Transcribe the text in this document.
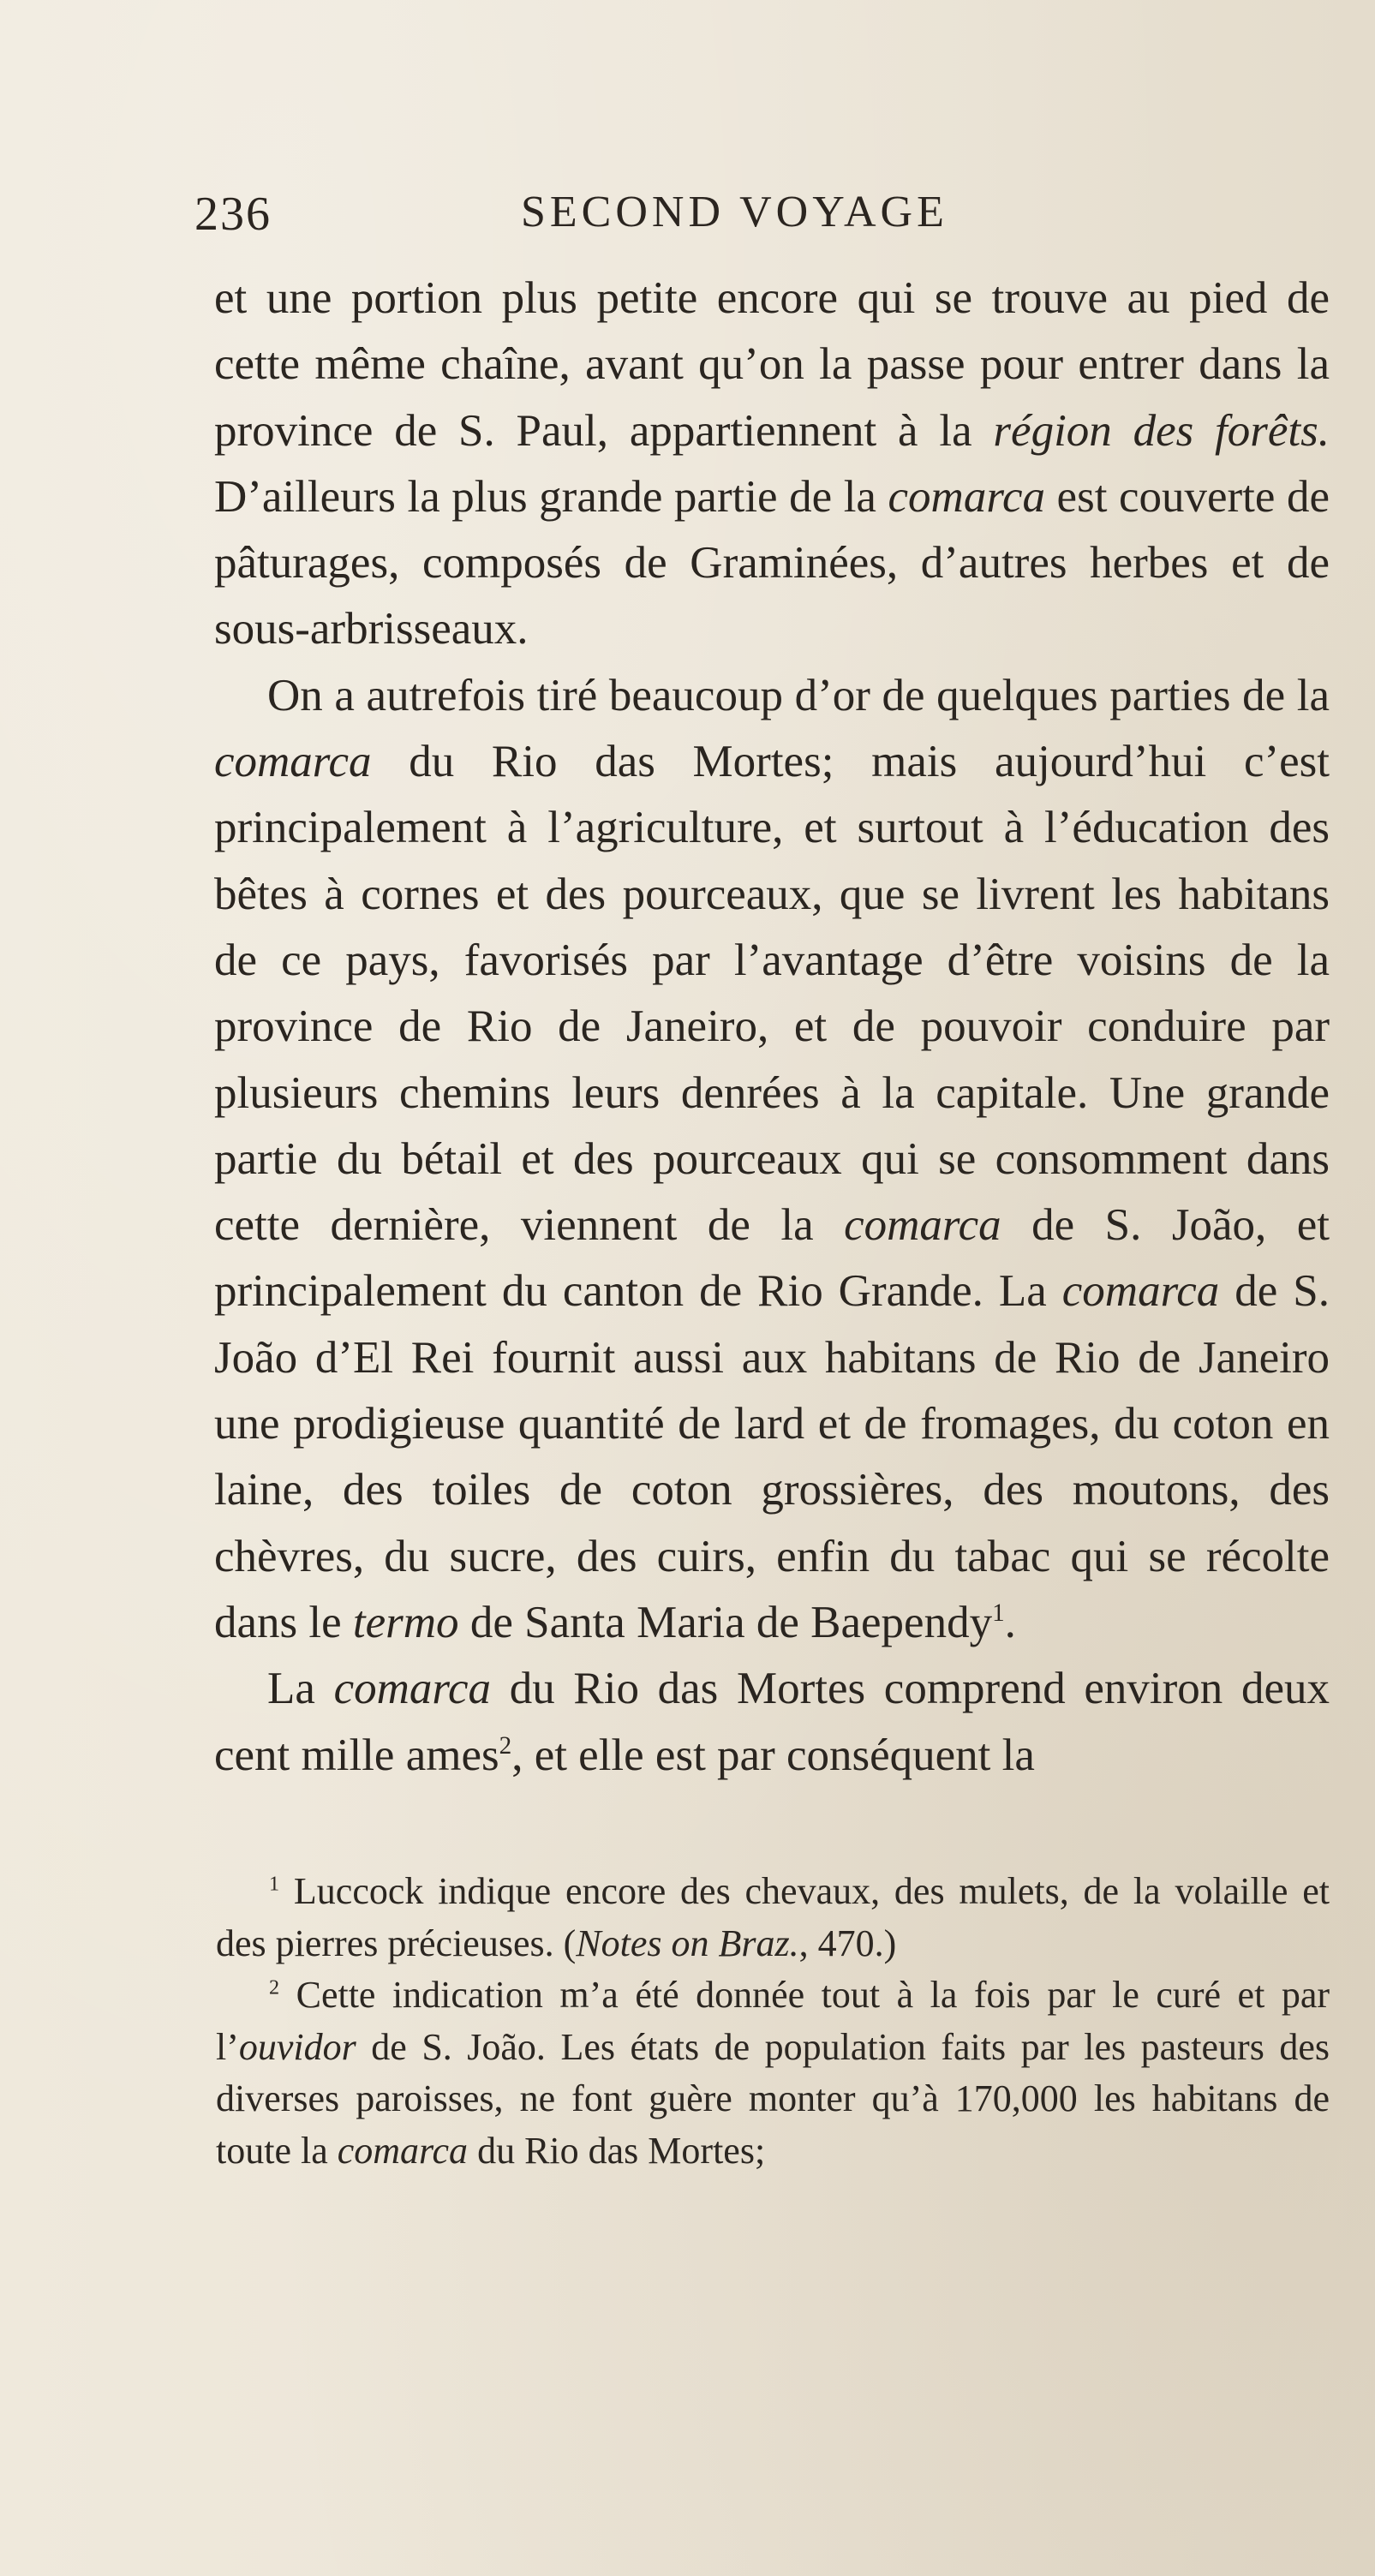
236	SECOND VOYAGE

et une portion plus petite encore qui se trouve au pied de cette même chaîne, avant qu’on la passe pour entrer dans la province de S. Paul, appartiennent à la région des forêts. D’ailleurs la plus grande partie de la comarca est couverte de pâturages, composés de Graminées, d’autres herbes et de sous-arbrisseaux.

On a autrefois tiré beaucoup d’or de quelques parties de la comarca du Rio das Mortes; mais aujourd’hui c’est principalement à l’agriculture, et surtout à l’éducation des bêtes à cornes et des pourceaux, que se livrent les habitans de ce pays, favorisés par l’avantage d’être voisins de la province de Rio de Janeiro, et de pouvoir conduire par plusieurs chemins leurs denrées à la capitale. Une grande partie du bétail et des pourceaux qui se consomment dans cette dernière, viennent de la comarca de S. João, et principalement du canton de Rio Grande. La comarca de S. João d’El Rei fournit aussi aux habitans de Rio de Janeiro une prodigieuse quantité de lard et de fromages, du coton en laine, des toiles de coton grossières, des moutons, des chèvres, du sucre, des cuirs, enfin du tabac qui se récolte dans le termo de Santa Maria de Baependy$^1$.

La comarca du Rio das Mortes comprend environ deux cent mille ames$^2$, et elle est par conséquent la

$^1$ Luccock indique encore des chevaux, des mulets, de la volaille et des pierres précieuses. (Notes on Braz., 470.)

$^2$ Cette indication m’a été donnée tout à la fois par le curé et par l’ouvidor de S. João. Les états de population faits par les pasteurs des diverses paroisses, ne font guère monter qu’à 170,000 les habitans de toute la comarca du Rio das Mortes;
